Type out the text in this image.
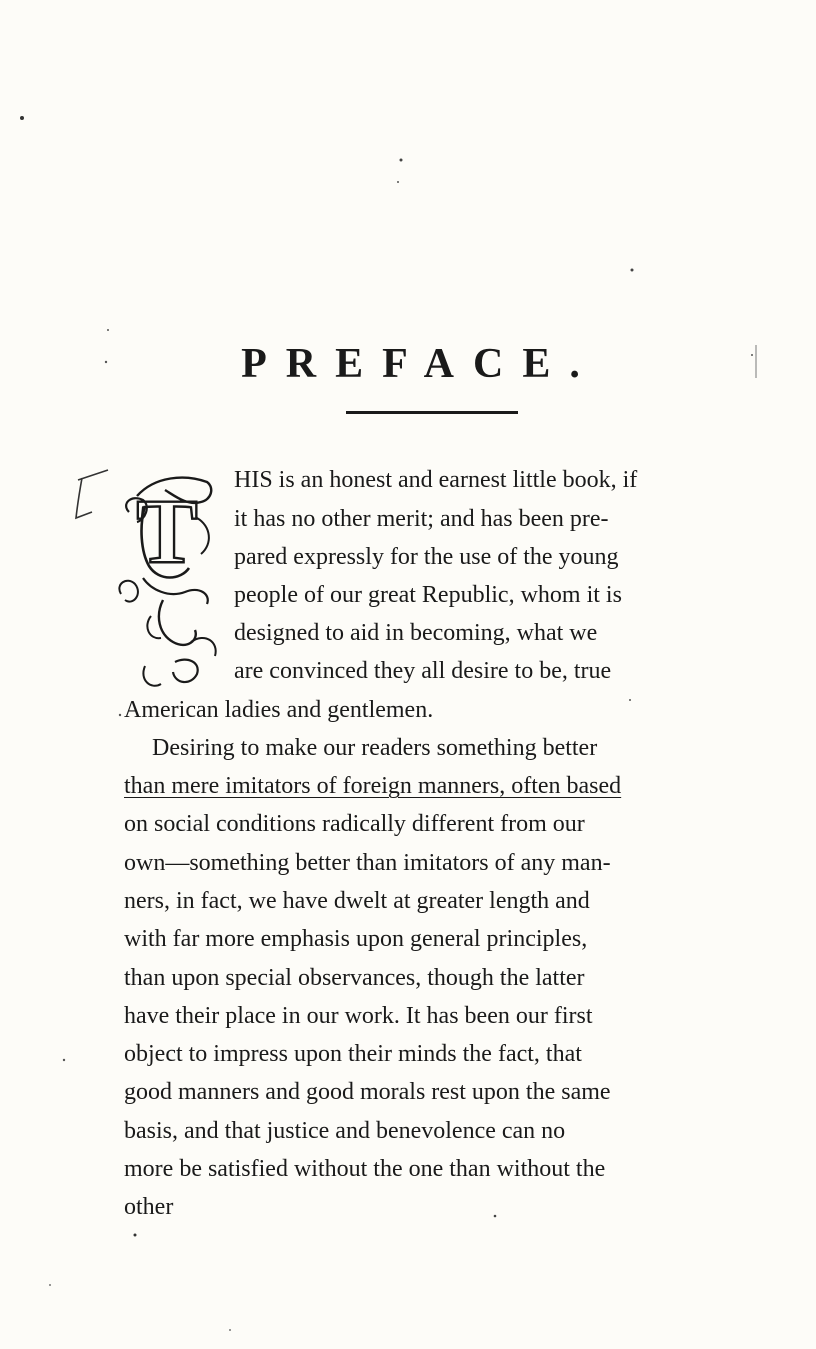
PREFACE.
T HIS is an honest and earnest little book, if
it has no other merit; and has been pre-
pared expressly for the use of the young
people of our great Republic, whom it is
designed to aid in becoming, what we
are convinced they all desire to be, true
American ladies and gentlemen.
Desiring to make our readers something better
than mere imitators of foreign manners, often based
on social conditions radically different from our
own—something better than imitators of any man-
ners, in fact, we have dwelt at greater length and
with far more emphasis upon general principles,
than upon special observances, though the latter
have their place in our work. It has been our first
object to impress upon their minds the fact, that
good manners and good morals rest upon the same
basis, and that justice and benevolence can no
more be satisfied without the one than without the
other
